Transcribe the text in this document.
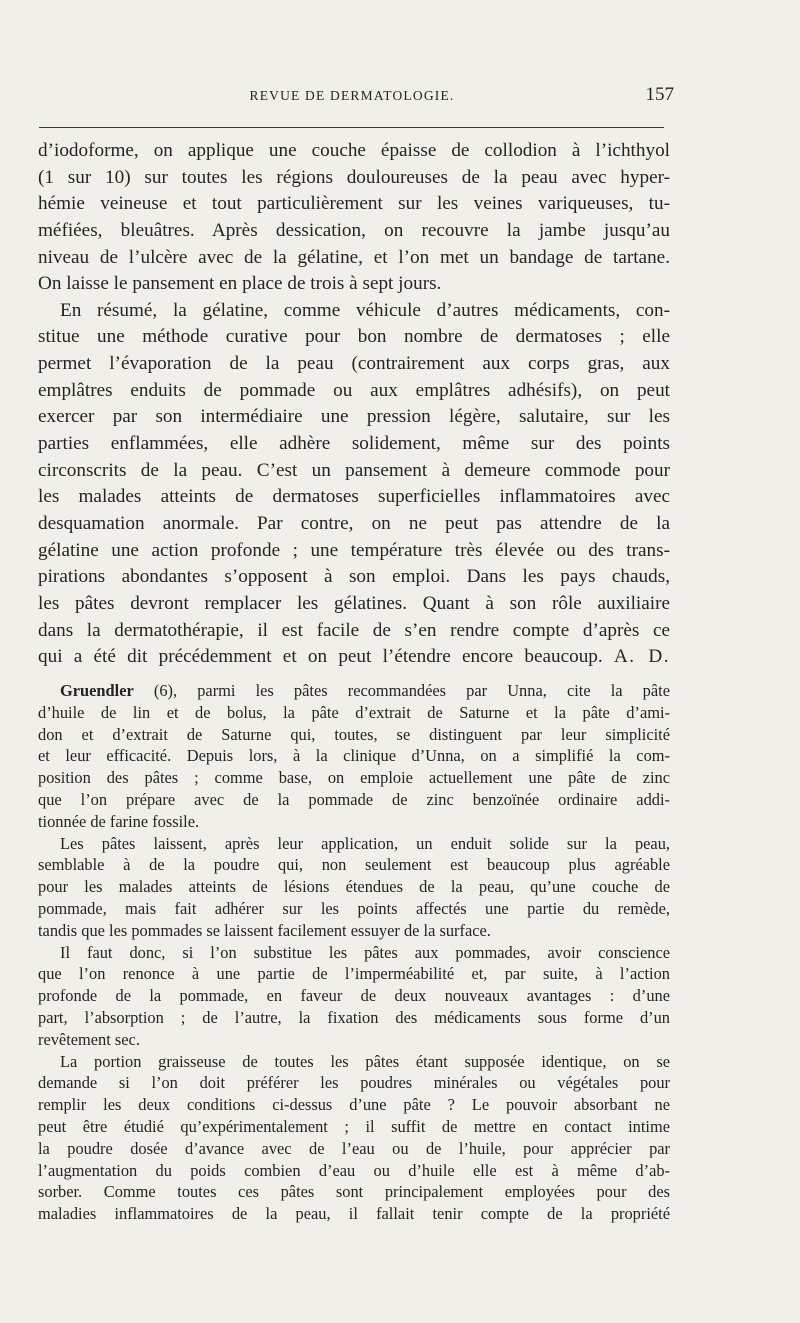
REVUE DE DERMATOLOGIE.	157
d’iodoforme, on applique une couche épaisse de collodion à l’ichthyol
(1 sur 10) sur toutes les régions douloureuses de la peau avec hyper-
hémie veineuse et tout particulièrement sur les veines variqueuses, tu-
méfiées, bleuâtres. Après dessication, on recouvre la jambe jusqu’au
niveau de l’ulcère avec de la gélatine, et l’on met un bandage de tartane.
On laisse le pansement en place de trois à sept jours.
En résumé, la gélatine, comme véhicule d’autres médicaments, con-
stitue une méthode curative pour bon nombre de dermatoses ; elle
permet l’évaporation de la peau (contrairement aux corps gras, aux
emplâtres enduits de pommade ou aux emplâtres adhésifs), on peut
exercer par son intermédiaire une pression légère, salutaire, sur les
parties enflammées, elle adhère solidement, même sur des points
circonscrits de la peau. C’est un pansement à demeure commode pour
les malades atteints de dermatoses superficielles inflammatoires avec
desquamation anormale. Par contre, on ne peut pas attendre de la
gélatine une action profonde ; une température très élevée ou des trans-
pirations abondantes s’opposent à son emploi. Dans les pays chauds,
les pâtes devront remplacer les gélatines. Quant à son rôle auxiliaire
dans la dermatothérapie, il est facile de s’en rendre compte d’après ce
qui a été dit précédemment et on peut l’étendre encore beaucoup. A. D.
Gruendler (6), parmi les pâtes recommandées par Unna, cite la pâte
d’huile de lin et de bolus, la pâte d’extrait de Saturne et la pâte d’ami-
don et d’extrait de Saturne qui, toutes, se distinguent par leur simplicité
et leur efficacité. Depuis lors, à la clinique d’Unna, on a simplifié la com-
position des pâtes ; comme base, on emploie actuellement une pâte de zinc
que l’on prépare avec de la pommade de zinc benzoïnée ordinaire addi-
tionnée de farine fossile.
Les pâtes laissent, après leur application, un enduit solide sur la peau,
semblable à de la poudre qui, non seulement est beaucoup plus agréable
pour les malades atteints de lésions étendues de la peau, qu’une couche de
pommade, mais fait adhérer sur les points affectés une partie du remède,
tandis que les pommades se laissent facilement essuyer de la surface.
Il faut donc, si l’on substitue les pâtes aux pommades, avoir conscience
que l’on renonce à une partie de l’imperméabilité et, par suite, à l’action
profonde de la pommade, en faveur de deux nouveaux avantages : d’une
part, l’absorption ; de l’autre, la fixation des médicaments sous forme d’un
revêtement sec.
La portion graisseuse de toutes les pâtes étant supposée identique, on se
demande si l’on doit préférer les poudres minérales ou végétales pour
remplir les deux conditions ci-dessus d’une pâte ? Le pouvoir absorbant ne
peut être étudié qu’expérimentalement ; il suffit de mettre en contact intime
la poudre dosée d’avance avec de l’eau ou de l’huile, pour apprécier par
l’augmentation du poids combien d’eau ou d’huile elle est à même d’ab-
sorber. Comme toutes ces pâtes sont principalement employées pour des
maladies inflammatoires de la peau, il fallait tenir compte de la propriété
